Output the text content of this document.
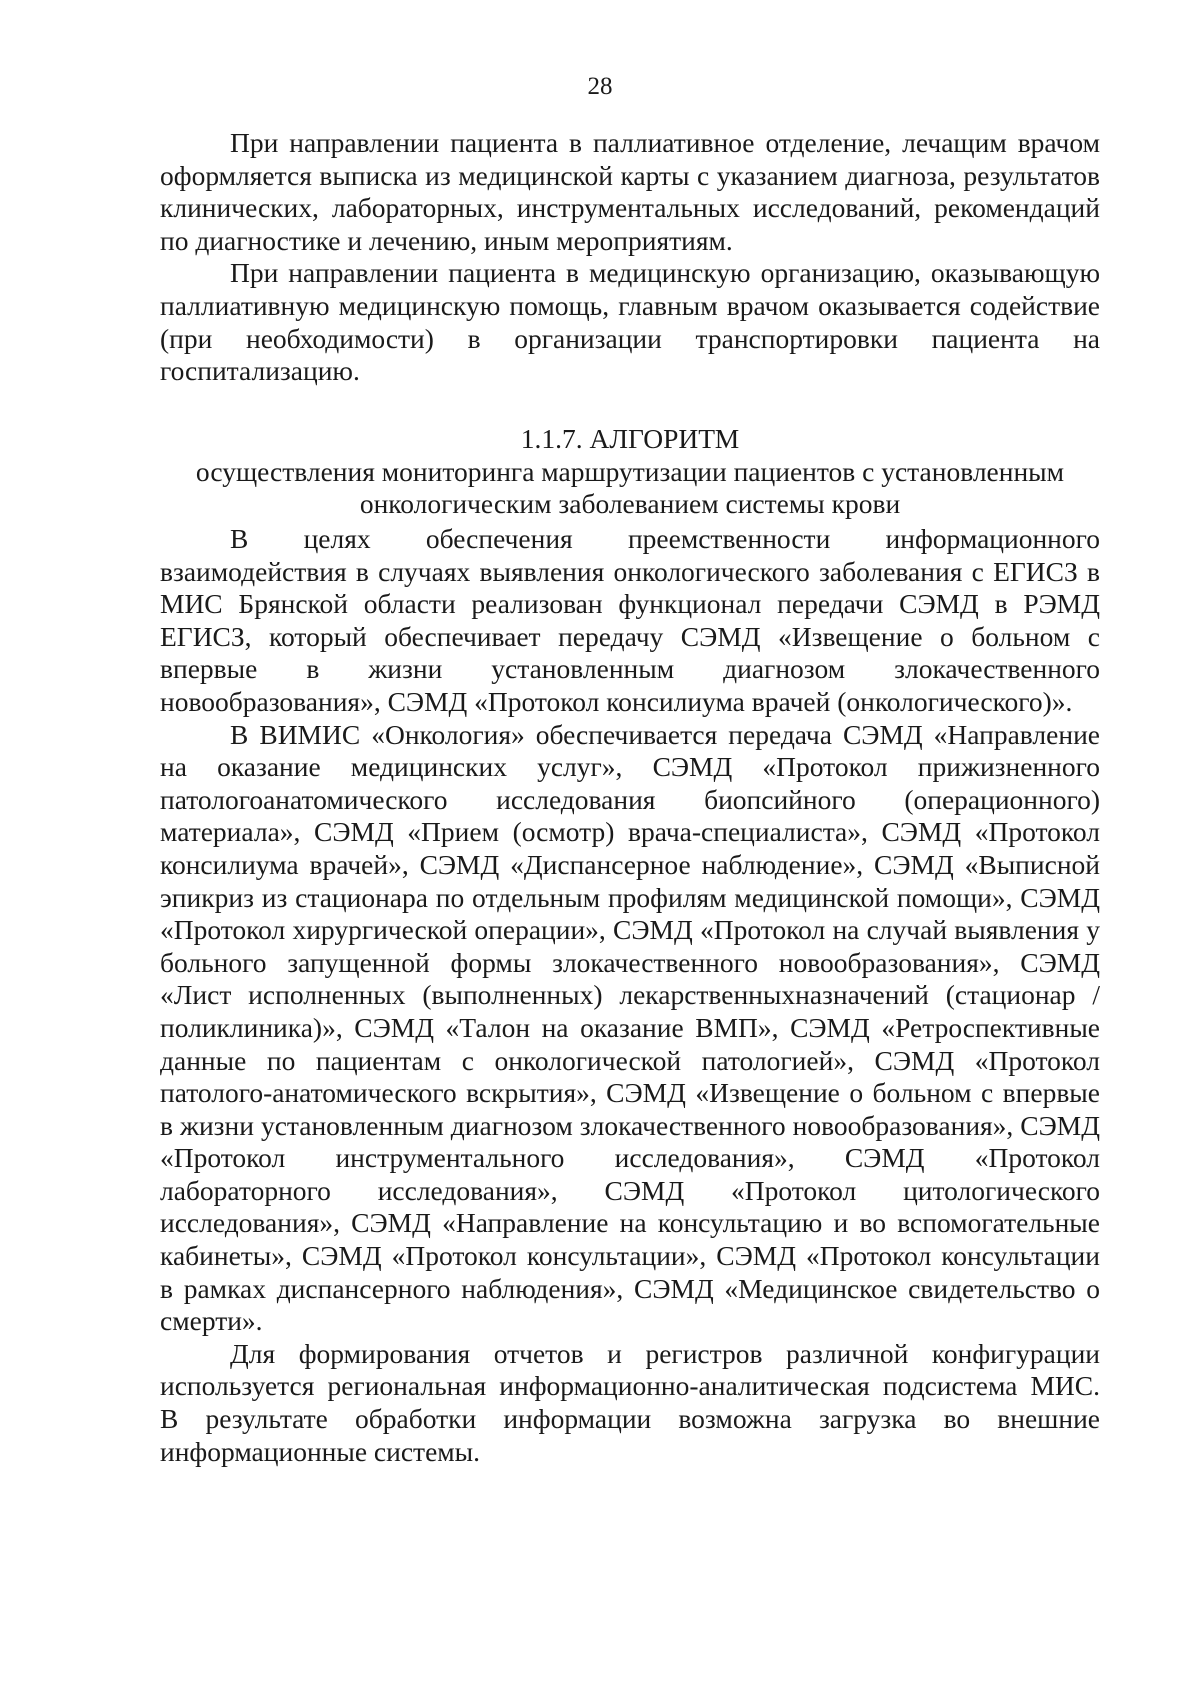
28

При направлении пациента в паллиативное отделение, лечащим врачом оформляется выписка из медицинской карты с указанием диагноза, результатов клинических, лабораторных, инструментальных исследований, рекомендаций по диагностике и лечению, иным мероприятиям.

При направлении пациента в медицинскую организацию, оказывающую паллиативную медицинскую помощь, главным врачом оказывается содействие (при необходимости) в организации транспортировки пациента на госпитализацию.

1.1.7. АЛГОРИТМ
осуществления мониторинга маршрутизации пациентов с установленным
онкологическим заболеванием системы крови

В целях обеспечения преемственности информационного взаимодействия в случаях выявления онкологического заболевания с ЕГИСЗ в МИС Брянской области реализован функционал передачи СЭМД в РЭМД ЕГИСЗ, который обеспечивает передачу СЭМД «Извещение о больном с впервые в жизни установленным диагнозом злокачественного новообразования», СЭМД «Протокол консилиума врачей (онкологического)».

В ВИМИС «Онкология» обеспечивается передача СЭМД «Направление на оказание медицинских услуг», СЭМД «Протокол прижизненного патологоанатомического исследования биопсийного (операционного) материала», СЭМД «Прием (осмотр) врача-специалиста», СЭМД «Протокол консилиума врачей», СЭМД «Диспансерное наблюдение», СЭМД «Выписной эпикриз из стационара по отдельным профилям медицинской помощи», СЭМД «Протокол хирургической операции», СЭМД «Протокол на случай выявления у больного запущенной формы злокачественного новообразования», СЭМД «Лист исполненных (выполненных) лекарственныхназначений (стационар / поликлиника)», СЭМД «Талон на оказание ВМП», СЭМД «Ретроспективные данные по пациентам с онкологической патологией», СЭМД «Протокол патолого-анатомического вскрытия», СЭМД «Извещение о больном с впервые в жизни установленным диагнозом злокачественного новообразования», СЭМД «Протокол инструментального исследования», СЭМД «Протокол лабораторного исследования», СЭМД «Протокол цитологического исследования», СЭМД «Направление на консультацию и во вспомогательные кабинеты», СЭМД «Протокол консультации», СЭМД «Протокол консультации в рамках диспансерного наблюдения», СЭМД «Медицинское свидетельство о смерти».

Для формирования отчетов и регистров различной конфигурации используется региональная информационно-аналитическая подсистема МИС. В результате обработки информации возможна загрузка во внешние информационные системы.
